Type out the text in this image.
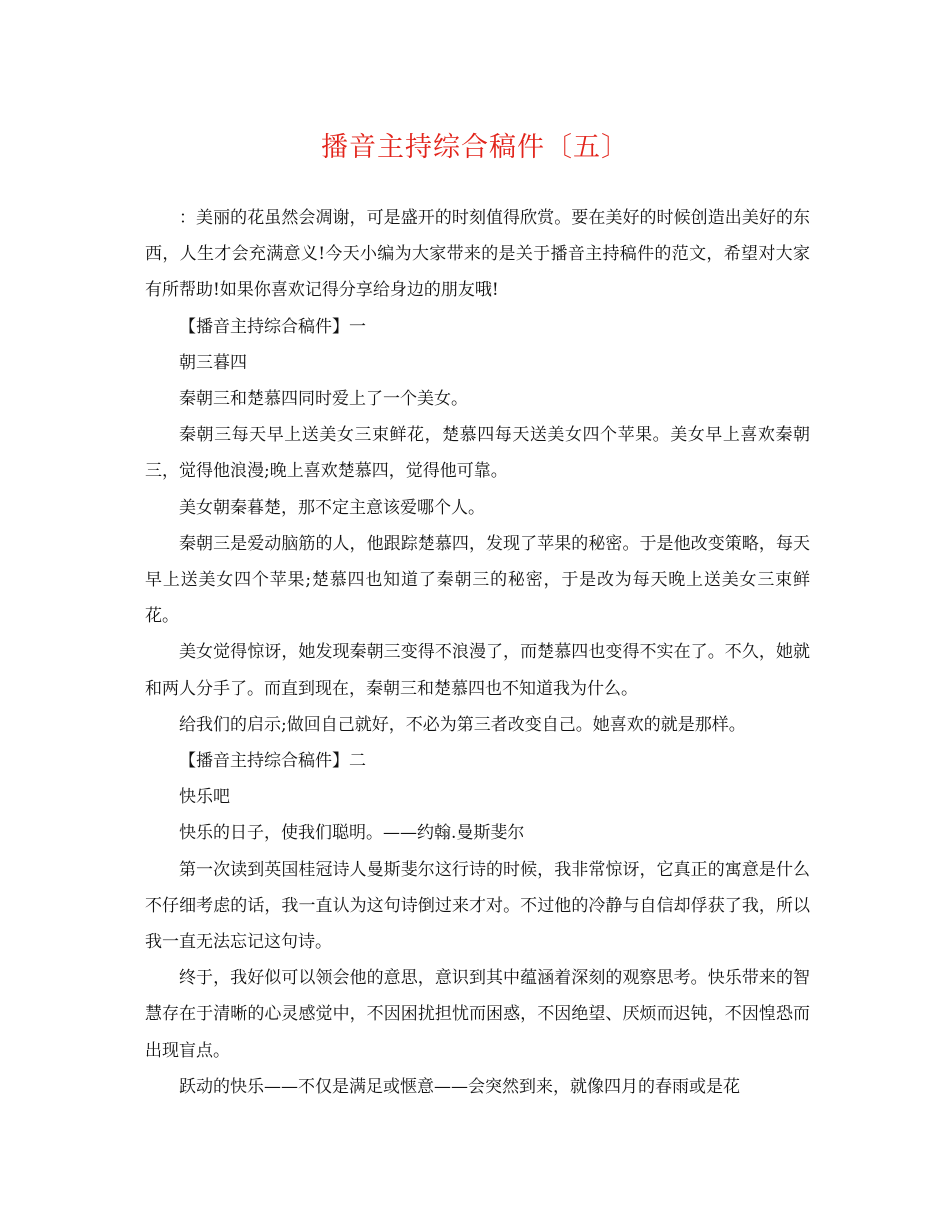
播音主持综合稿件〔五〕

：美丽的花虽然会凋谢，可是盛开的时刻值得欣赏。要在美好的时候创造出美好的东西，人生才会充满意义!今天小编为大家带来的是关于播音主持稿件的范文，希望对大家有所帮助!如果你喜欢记得分享给身边的朋友哦!

【播音主持综合稿件】一

朝三暮四

秦朝三和楚慕四同时爱上了一个美女。

秦朝三每天早上送美女三束鲜花，楚慕四每天送美女四个苹果。美女早上喜欢秦朝三，觉得他浪漫;晚上喜欢楚慕四，觉得他可靠。

美女朝秦暮楚，那不定主意该爱哪个人。

秦朝三是爱动脑筋的人，他跟踪楚慕四，发现了苹果的秘密。于是他改变策略，每天早上送美女四个苹果;楚慕四也知道了秦朝三的秘密，于是改为每天晚上送美女三束鲜花。

美女觉得惊讶，她发现秦朝三变得不浪漫了，而楚慕四也变得不实在了。不久，她就和两人分手了。而直到现在，秦朝三和楚慕四也不知道我为什么。

给我们的启示;做回自己就好，不必为第三者改变自己。她喜欢的就是那样。

【播音主持综合稿件】二

快乐吧

快乐的日子，使我们聪明。——约翰.曼斯斐尔

第一次读到英国桂冠诗人曼斯斐尔这行诗的时候，我非常惊讶，它真正的寓意是什么不仔细考虑的话，我一直认为这句诗倒过来才对。不过他的冷静与自信却俘获了我，所以我一直无法忘记这句诗。

终于，我好似可以领会他的意思，意识到其中蕴涵着深刻的观察思考。快乐带来的智慧存在于清晰的心灵感觉中，不因困扰担忧而困惑，不因绝望、厌烦而迟钝，不因惶恐而出现盲点。

跃动的快乐——不仅是满足或惬意——会突然到来，就像四月的春雨或是花
